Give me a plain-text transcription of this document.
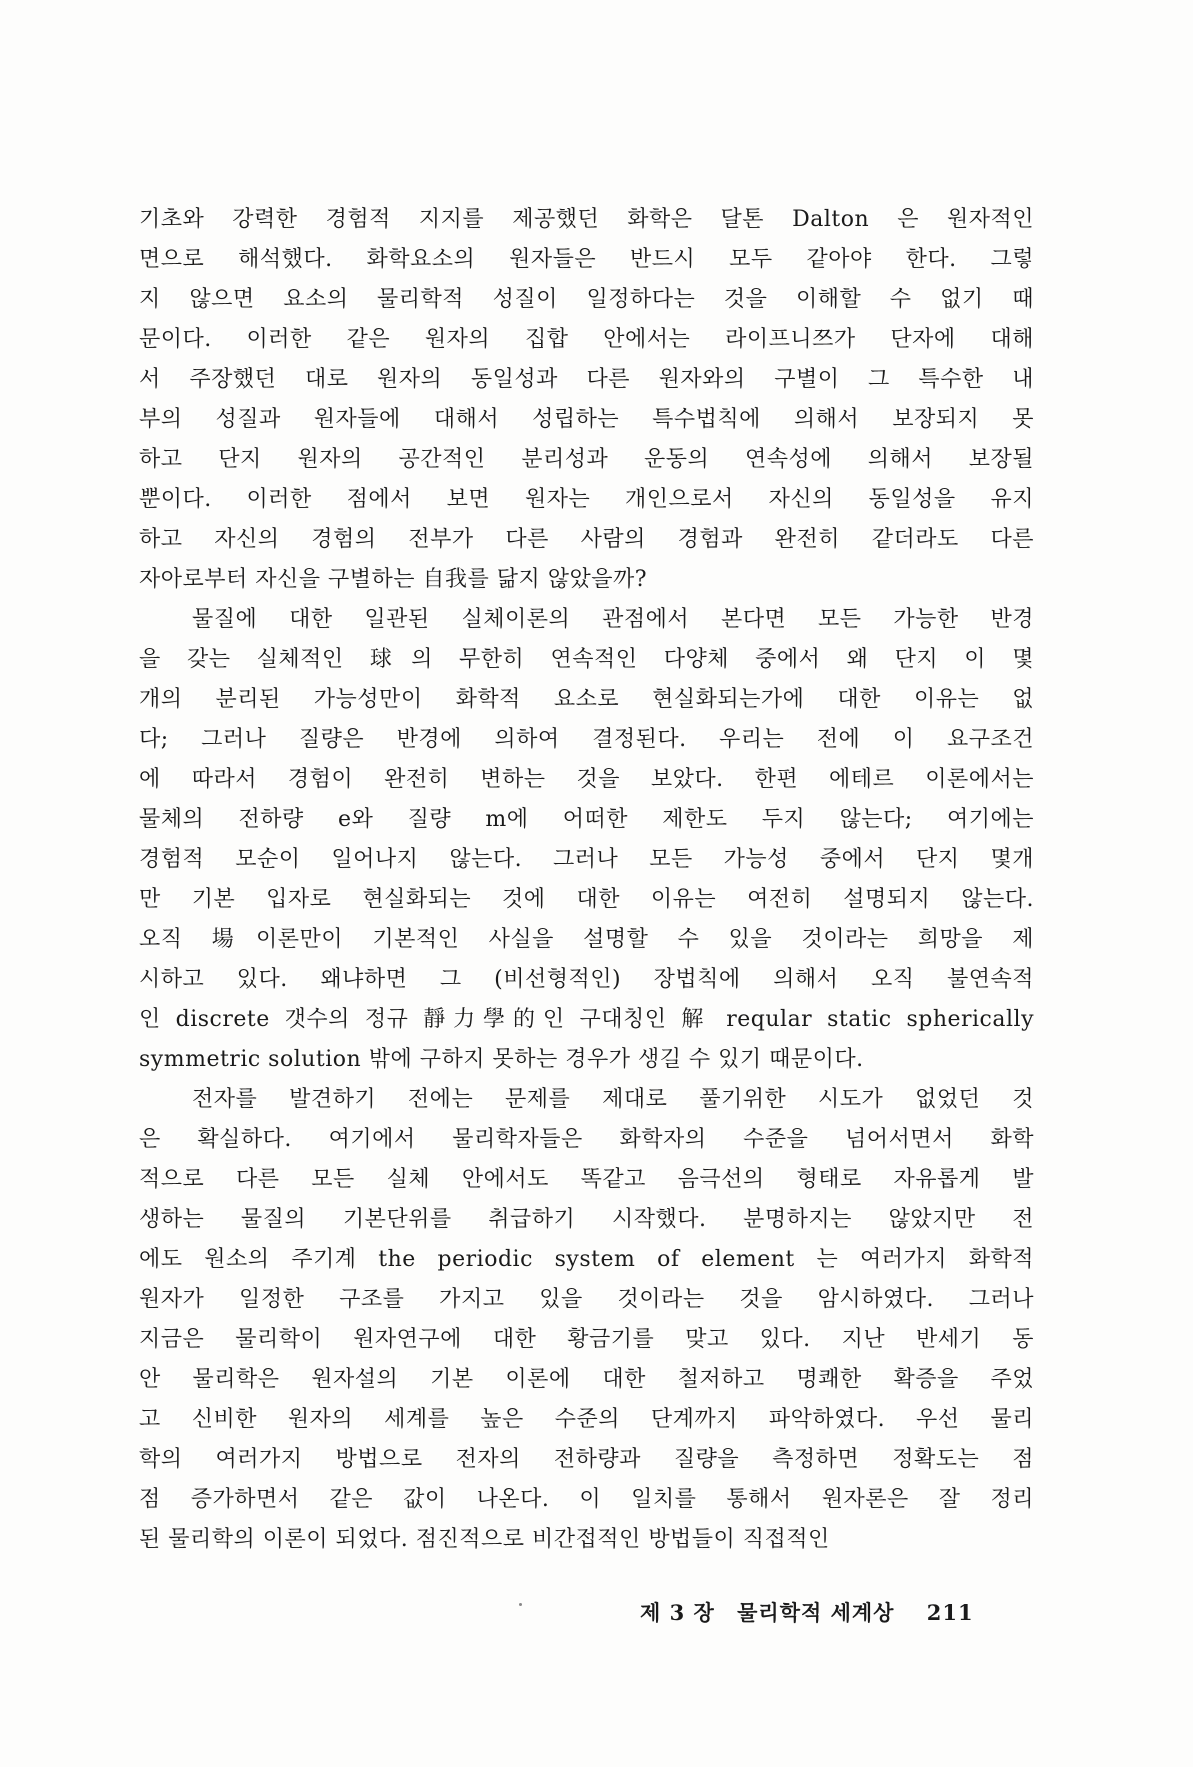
기초와 강력한 경험적 지지를 제공했던 화학은 달톤 Dalton 은 원자적인
면으로 해석했다. 화학요소의 원자들은 반드시 모두 같아야 한다. 그렇
지 않으면 요소의 물리학적 성질이 일정하다는 것을 이해할 수 없기 때
문이다. 이러한 같은 원자의 집합 안에서는 라이프니쯔가 단자에 대해
서 주장했던 대로 원자의 동일성과 다른 원자와의 구별이 그 특수한 내
부의 성질과 원자들에 대해서 성립하는 특수법칙에 의해서 보장되지 못
하고 단지 원자의 공간적인 분리성과 운동의 연속성에 의해서 보장될
뿐이다. 이러한 점에서 보면 원자는 개인으로서 자신의 동일성을 유지
하고 자신의 경험의 전부가 다른 사람의 경험과 완전히 같더라도 다른
자아로부터 자신을 구별하는 自我를 닮지 않았을까?
물질에 대한 일관된 실체이론의 관점에서 본다면 모든 가능한 반경
을 갖는 실체적인 球의 무한히 연속적인 다양체 중에서 왜 단지 이 몇
개의 분리된 가능성만이 화학적 요소로 현실화되는가에 대한 이유는 없
다; 그러나 질량은 반경에 의하여 결정된다. 우리는 전에 이 요구조건
에 따라서 경험이 완전히 변하는 것을 보았다. 한편 에테르 이론에서는
물체의 전하량 e와 질량 m에 어떠한 제한도 두지 않는다; 여기에는
경험적 모순이 일어나지 않는다. 그러나 모든 가능성 중에서 단지 몇개
만 기본 입자로 현실화되는 것에 대한 이유는 여전히 설명되지 않는다.
오직 場이론만이 기본적인 사실을 설명할 수 있을 것이라는 희망을 제
시하고 있다. 왜냐하면 그 (비선형적인) 장법칙에 의해서 오직 불연속적
인 discrete 갯수의 정규 靜力學的인 구대칭인 解 reqular static spherically
symmetric solution 밖에 구하지 못하는 경우가 생길 수 있기 때문이다.
전자를 발견하기 전에는 문제를 제대로 풀기위한 시도가 없었던 것
은 확실하다. 여기에서 물리학자들은 화학자의 수준을 넘어서면서 화학
적으로 다른 모든 실체 안에서도 똑같고 음극선의 형태로 자유롭게 발
생하는 물질의 기본단위를 취급하기 시작했다. 분명하지는 않았지만 전
에도 원소의 주기계 the periodic system of element 는 여러가지 화학적
원자가 일정한 구조를 가지고 있을 것이라는 것을 암시하였다. 그러나
지금은 물리학이 원자연구에 대한 황금기를 맞고 있다. 지난 반세기 동
안 물리학은 원자설의 기본 이론에 대한 철저하고 명쾌한 확증을 주었
고 신비한 원자의 세계를 높은 수준의 단계까지 파악하였다. 우선 물리
학의 여러가지 방법으로 전자의 전하량과 질량을 측정하면 정확도는 점
점 증가하면서 같은 값이 나온다. 이 일치를 통해서 원자론은 잘 정리
된 물리학의 이론이 되었다. 점진적으로 비간접적인 방법들이 직접적인
제 3 장 물리학적 세계상 211
